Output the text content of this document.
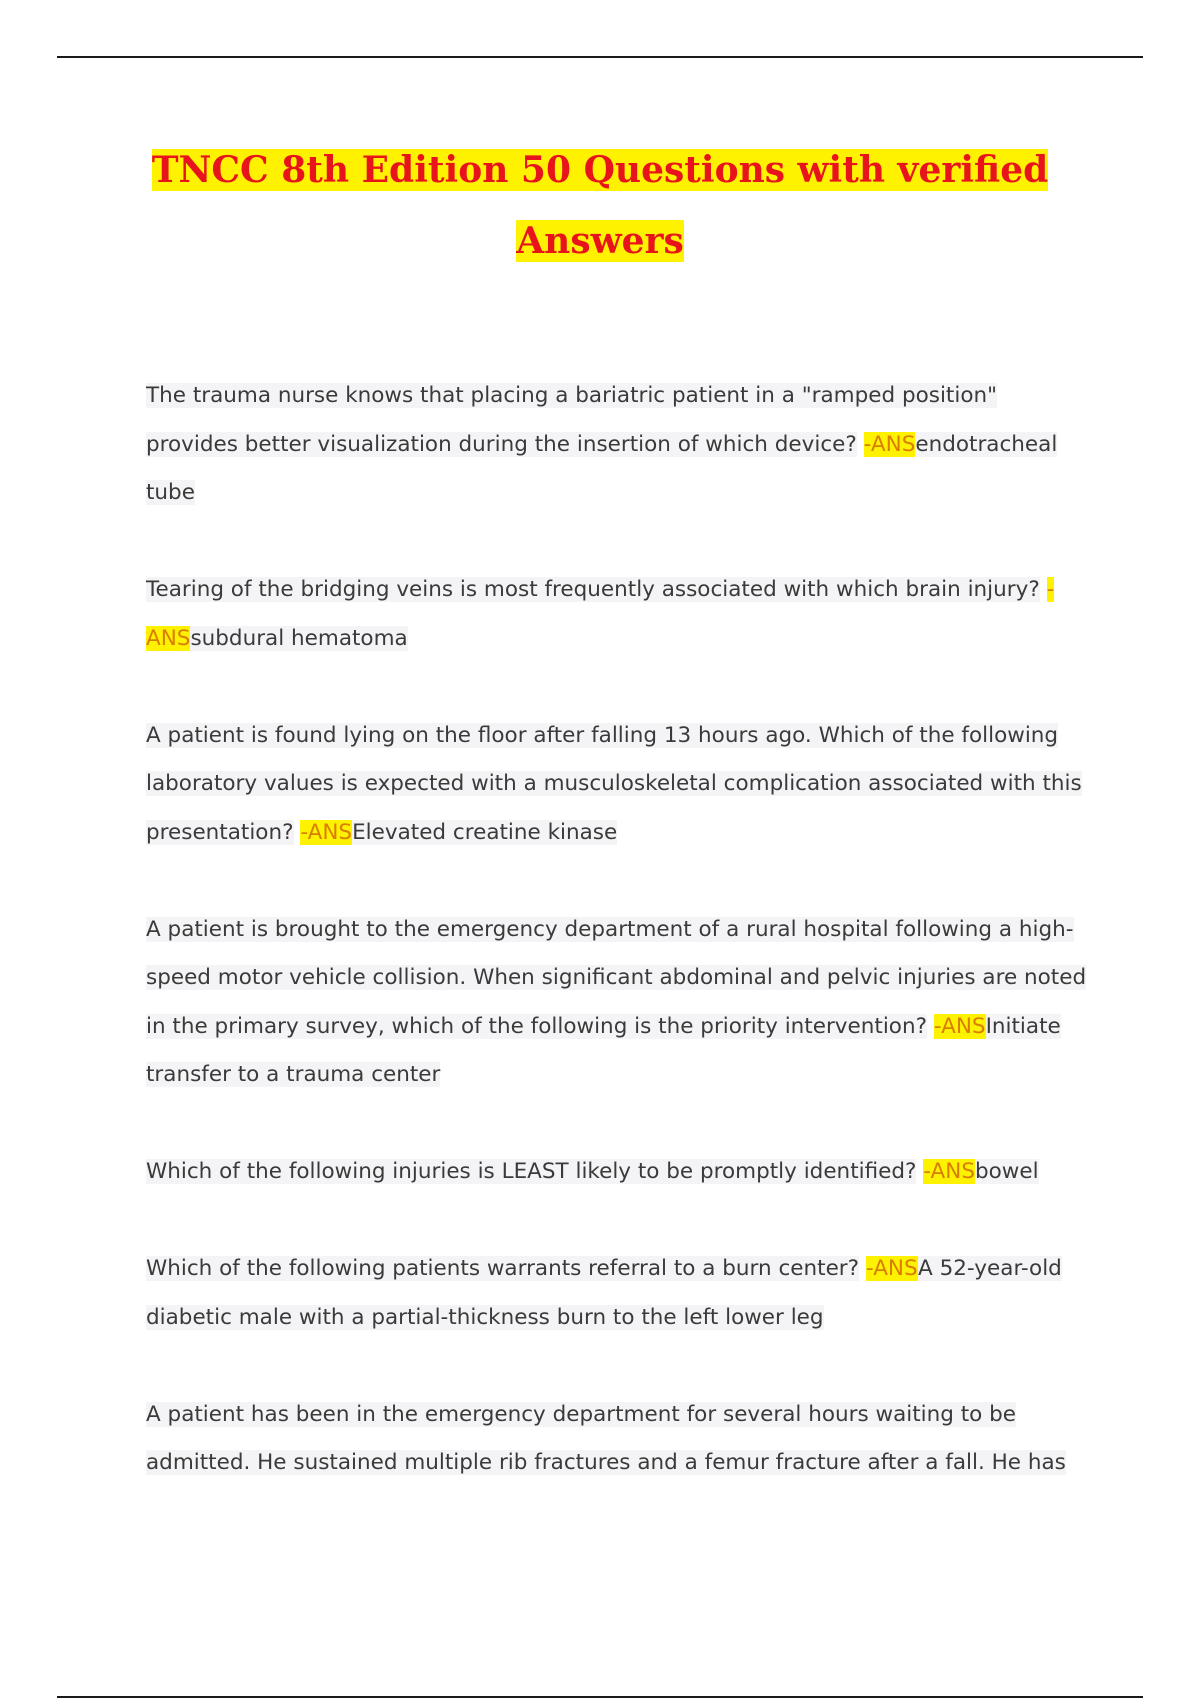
TNCC 8th Edition 50 Questions with verified
Answers

The trauma nurse knows that placing a bariatric patient in a "ramped position" provides better visualization during the insertion of which device? -ANSendotracheal tube

Tearing of the bridging veins is most frequently associated with which brain injury? -ANSsubdural hematoma

A patient is found lying on the floor after falling 13 hours ago. Which of the following laboratory values is expected with a musculoskeletal complication associated with this presentation? -ANSElevated creatine kinase

A patient is brought to the emergency department of a rural hospital following a high-speed motor vehicle collision. When significant abdominal and pelvic injuries are noted in the primary survey, which of the following is the priority intervention? -ANSInitiate transfer to a trauma center

Which of the following injuries is LEAST likely to be promptly identified? -ANSbowel

Which of the following patients warrants referral to a burn center? -ANSA 52-year-old diabetic male with a partial-thickness burn to the left lower leg

A patient has been in the emergency department for several hours waiting to be admitted. He sustained multiple rib fractures and a femur fracture after a fall. He has
